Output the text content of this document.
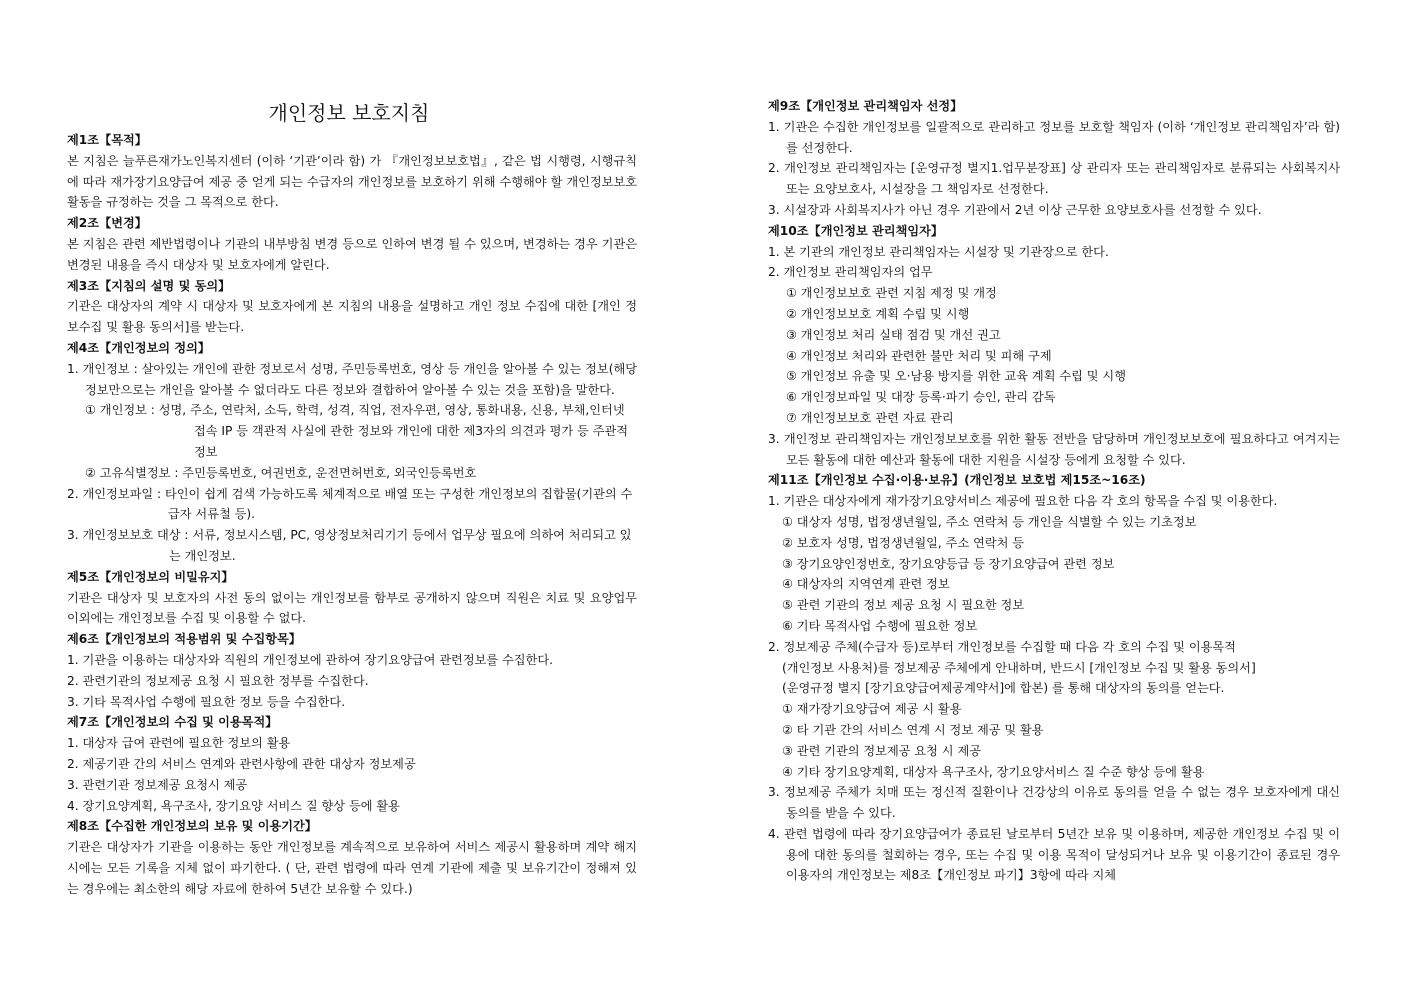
개인정보 보호지침
제1조【목적】
본 지침은 늘푸른재가노인복지센터 (이하 ‘기관’이라 함) 가 『개인정보보호법』, 같은 법 시행령, 시행규칙에 따라 재가장기요양급여 제공 중 얻게 되는 수급자의 개인정보를 보호하기 위해 수행해야 할 개인정보보호 활동을 규정하는 것을 그 목적으로 한다.
제2조【변경】
본 지침은 관련 제반법령이나 기관의 내부방침 변경 등으로 인하여 변경 될 수 있으며, 변경하는 경우 기관은 변경된 내용을 즉시 대상자 및 보호자에게 알린다.
제3조【지침의 설명 및 동의】
기관은 대상자의 계약 시 대상자 및 보호자에게 본 지침의 내용을 설명하고 개인 정보 수집에 대한 [개인 정보수집 및 활용 동의서]를 받는다.
제4조【개인정보의 정의】
1. 개인정보 : 살아있는 개인에 관한 정보로서 성명, 주민등록번호, 영상 등 개인을 알아볼 수 있는 정보(해당 정보만으로는 개인을 알아볼 수 없더라도 다른 정보와 결합하여 알아볼 수 있는 것을 포함)을 말한다.
① 개인정보 : 성명, 주소, 연락처, 소득, 학력, 성격, 직업, 전자우편, 영상, 통화내용, 신용, 부채,인터넷 접속 IP 등 객관적 사실에 관한 정보와 개인에 대한 제3자의 의견과 평가 등 주관적 정보
② 고유식별정보 : 주민등록번호, 여권번호, 운전면허번호, 외국인등록번호
2. 개인정보파일 : 타인이 쉽게 검색 가능하도록 체계적으로 배열 또는 구성한 개인정보의 집합물(기관의 수급자 서류철 등).
3. 개인정보보호 대상 : 서류, 정보시스템, PC, 영상정보처리기기 등에서 업무상 필요에 의하여 처리되고 있는 개인정보.
제5조【개인정보의 비밀유지】
기관은 대상자 및 보호자의 사전 동의 없이는 개인정보를 함부로 공개하지 않으며 직원은 치료 및 요양업무 이외에는 개인정보를 수집 및 이용할 수 없다.
제6조【개인정보의 적용범위 및 수집항목】
1. 기관을 이용하는 대상자와 직원의 개인정보에 관하여 장기요양급여 관련정보를 수집한다.
2. 관련기관의 정보제공 요청 시 필요한 정부를 수집한다.
3. 기타 목적사업 수행에 필요한 정보 등을 수집한다.
제7조【개인정보의 수집 및 이용목적】
1. 대상자 급여 관련에 필요한 정보의 활용
2. 제공기관 간의 서비스 연계와 관련사항에 관한 대상자 정보제공
3. 관련기관 정보제공 요청시 제공
4. 장기요양계획, 욕구조사, 장기요양 서비스 질 향상 등에 활용
제8조【수집한 개인정보의 보유 및 이용기간】
기관은 대상자가 기관을 이용하는 동안 개인정보를 계속적으로 보유하여 서비스 제공시 활용하며 계약 해지시에는 모든 기록을 지체 없이 파기한다. ( 단, 관련 법령에 따라 연계 기관에 제출 및 보유기간이 정해져 있는 경우에는 최소한의 해당 자료에 한하여 5년간 보유할 수 있다.)
제9조【개인정보 관리책임자 선정】
1. 기관은 수집한 개인정보를 일괄적으로 관리하고 정보를 보호할 책임자 (이하 ‘개인정보 관리책임자’라 함) 를 선정한다.
2. 개인정보 관리책임자는 [운영규정 별지1.업무분장표] 상 관리자 또는 관리책임자로 분류되는 사회복지사 또는 요양보호사, 시설장을 그 책임자로 선정한다.
3. 시설장과 사회복지사가 아닌 경우 기관에서 2년 이상 근무한 요양보호사를 선정할 수 있다.
제10조【개인정보 관리책임자】
1. 본 기관의 개인정보 관리책임자는 시설장 및 기관장으로 한다.
2. 개인정보 관리책임자의 업무
① 개인정보보호 관련 지침 제정 및 개정
② 개인정보보호 계획 수립 및 시행
③ 개인정보 처리 실태 점검 및 개선 권고
④ 개인정보 처리와 관련한 불만 처리 및 피해 구제
⑤ 개인정보 유출 및 오·남용 방지를 위한 교육 계획 수립 및 시행
⑥ 개인정보파일 및 대장 등록·파기 승인, 관리 감독
⑦ 개인정보보호 관련 자료 관리
3. 개인정보 관리책임자는 개인정보보호를 위한 활동 전반을 담당하며 개인정보보호에 필요하다고 여겨지는 모든 활동에 대한 예산과 활동에 대한 지원을 시설장 등에게 요청할 수 있다.
제11조【개인정보 수집·이용·보유】(개인정보 보호법 제15조~16조)
1. 기관은 대상자에게 재가장기요양서비스 제공에 필요한 다음 각 호의 항목을 수집 및 이용한다.
① 대상자 성명, 법정생년월일, 주소 연락처 등 개인을 식별할 수 있는 기초정보
② 보호자 성명, 법정생년월일, 주소 연락처 등
③ 장기요양인정번호, 장기요양등급 등 장기요양급여 관련 정보
④ 대상자의 지역연계 관련 정보
⑤ 관련 기관의 정보 제공 요청 시 필요한 정보
⑥ 기타 목적사업 수행에 필요한 정보
2. 정보제공 주체(수급자 등)로부터 개인정보를 수집할 때 다음 각 호의 수집 및 이용목적
(개인정보 사용처)를 정보제공 주체에게 안내하며, 반드시 [개인정보 수집 및 활용 동의서]
(운영규정 별지 [장기요양급여제공계약서]에 합본) 를 통해 대상자의 동의를 얻는다.
① 재가장기요양급여 제공 시 활용
② 타 기관 간의 서비스 연계 시 정보 제공 및 활용
③ 관련 기관의 정보제공 요청 시 제공
④ 기타 장기요양계획, 대상자 욕구조사, 장기요양서비스 질 수준 향상 등에 활용
3. 정보제공 주체가 치매 또는 정신적 질환이나 건강상의 이유로 동의를 얻을 수 없는 경우 보호자에게 대신 동의를 받을 수 있다.
4. 관련 법령에 따라 장기요양급여가 종료된 날로부터 5년간 보유 및 이용하며, 제공한 개인정보 수집 및 이용에 대한 동의를 철회하는 경우, 또는 수집 및 이용 목적이 달성되거나 보유 및 이용기간이 종료된 경우 이용자의 개인정보는 제8조【개인정보 파기】3항에 따라 지체
